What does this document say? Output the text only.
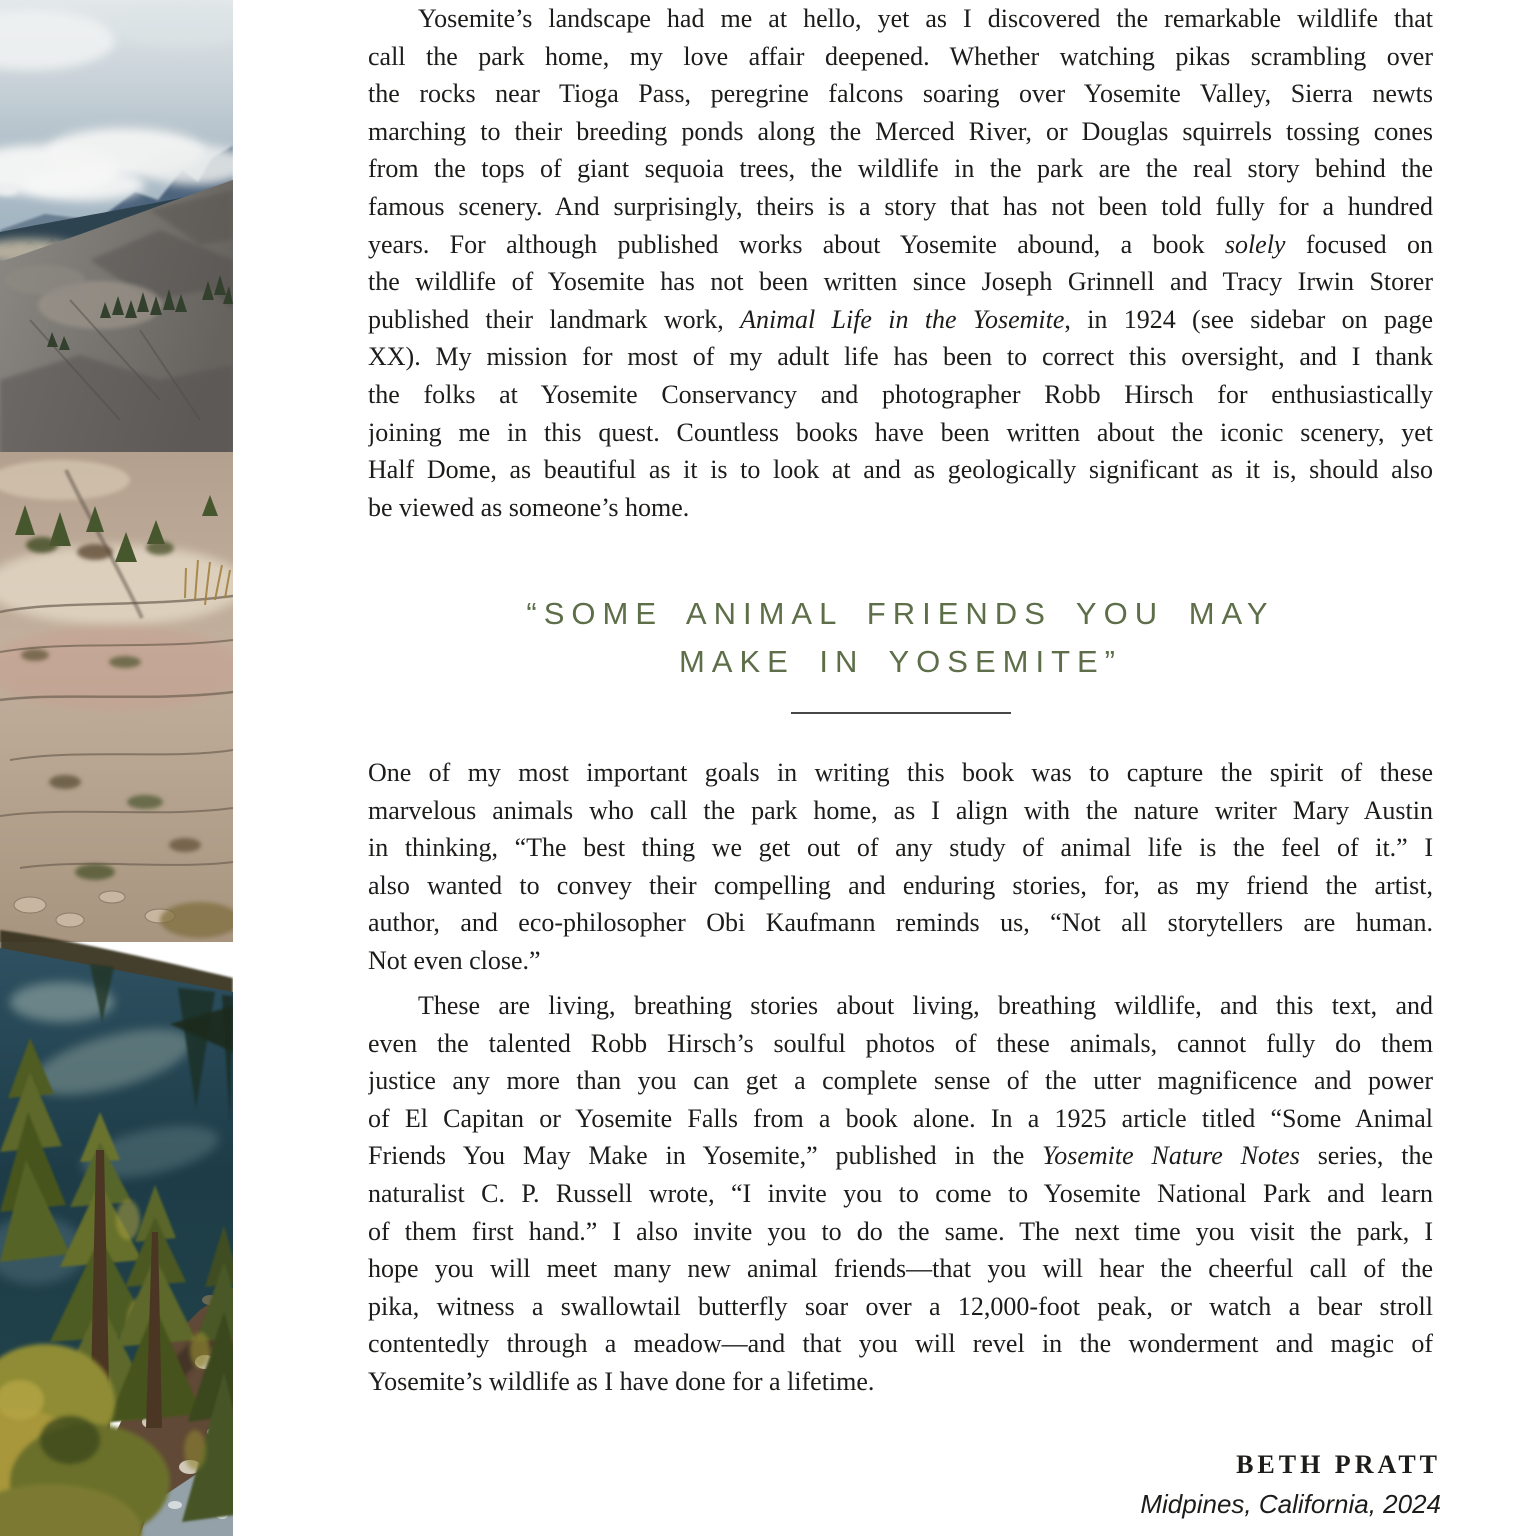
Yosemite’s landscape had me at hello, yet as I discovered the remarkable wildlife that
call the park home, my love affair deepened. Whether watching pikas scrambling over
the rocks near Tioga Pass, peregrine falcons soaring over Yosemite Valley, Sierra newts
marching to their breeding ponds along the Merced River, or Douglas squirrels tossing cones
from the tops of giant sequoia trees, the wildlife in the park are the real story behind the
famous scenery. And surprisingly, theirs is a story that has not been told fully for a hundred
years. For although published works about Yosemite abound, a book solely focused on
the wildlife of Yosemite has not been written since Joseph Grinnell and Tracy Irwin Storer
published their landmark work, Animal Life in the Yosemite, in 1924 (see sidebar on page
XX). My mission for most of my adult life has been to correct this oversight, and I thank
the folks at Yosemite Conservancy and photographer Robb Hirsch for enthusiastically
joining me in this quest. Countless books have been written about the iconic scenery, yet
Half Dome, as beautiful as it is to look at and as geologically significant as it is, should also
be viewed as someone’s home.
“SOME ANIMAL FRIENDS YOU MAY
MAKE IN YOSEMITE”
One of my most important goals in writing this book was to capture the spirit of these
marvelous animals who call the park home, as I align with the nature writer Mary Austin
in thinking, “The best thing we get out of any study of animal life is the feel of it.” I
also wanted to convey their compelling and enduring stories, for, as my friend the artist,
author, and eco-philosopher Obi Kaufmann reminds us, “Not all storytellers are human.
Not even close.”
These are living, breathing stories about living, breathing wildlife, and this text, and
even the talented Robb Hirsch’s soulful photos of these animals, cannot fully do them
justice any more than you can get a complete sense of the utter magnificence and power
of El Capitan or Yosemite Falls from a book alone. In a 1925 article titled “Some Animal
Friends You May Make in Yosemite,” published in the Yosemite Nature Notes series, the
naturalist C. P. Russell wrote, “I invite you to come to Yosemite National Park and learn
of them first hand.” I also invite you to do the same. The next time you visit the park, I
hope you will meet many new animal friends—that you will hear the cheerful call of the
pika, witness a swallowtail butterfly soar over a 12,000-foot peak, or watch a bear stroll
contentedly through a meadow—and that you will revel in the wonderment and magic of
Yosemite’s wildlife as I have done for a lifetime.
BETH PRATT
Midpines, California, 2024
